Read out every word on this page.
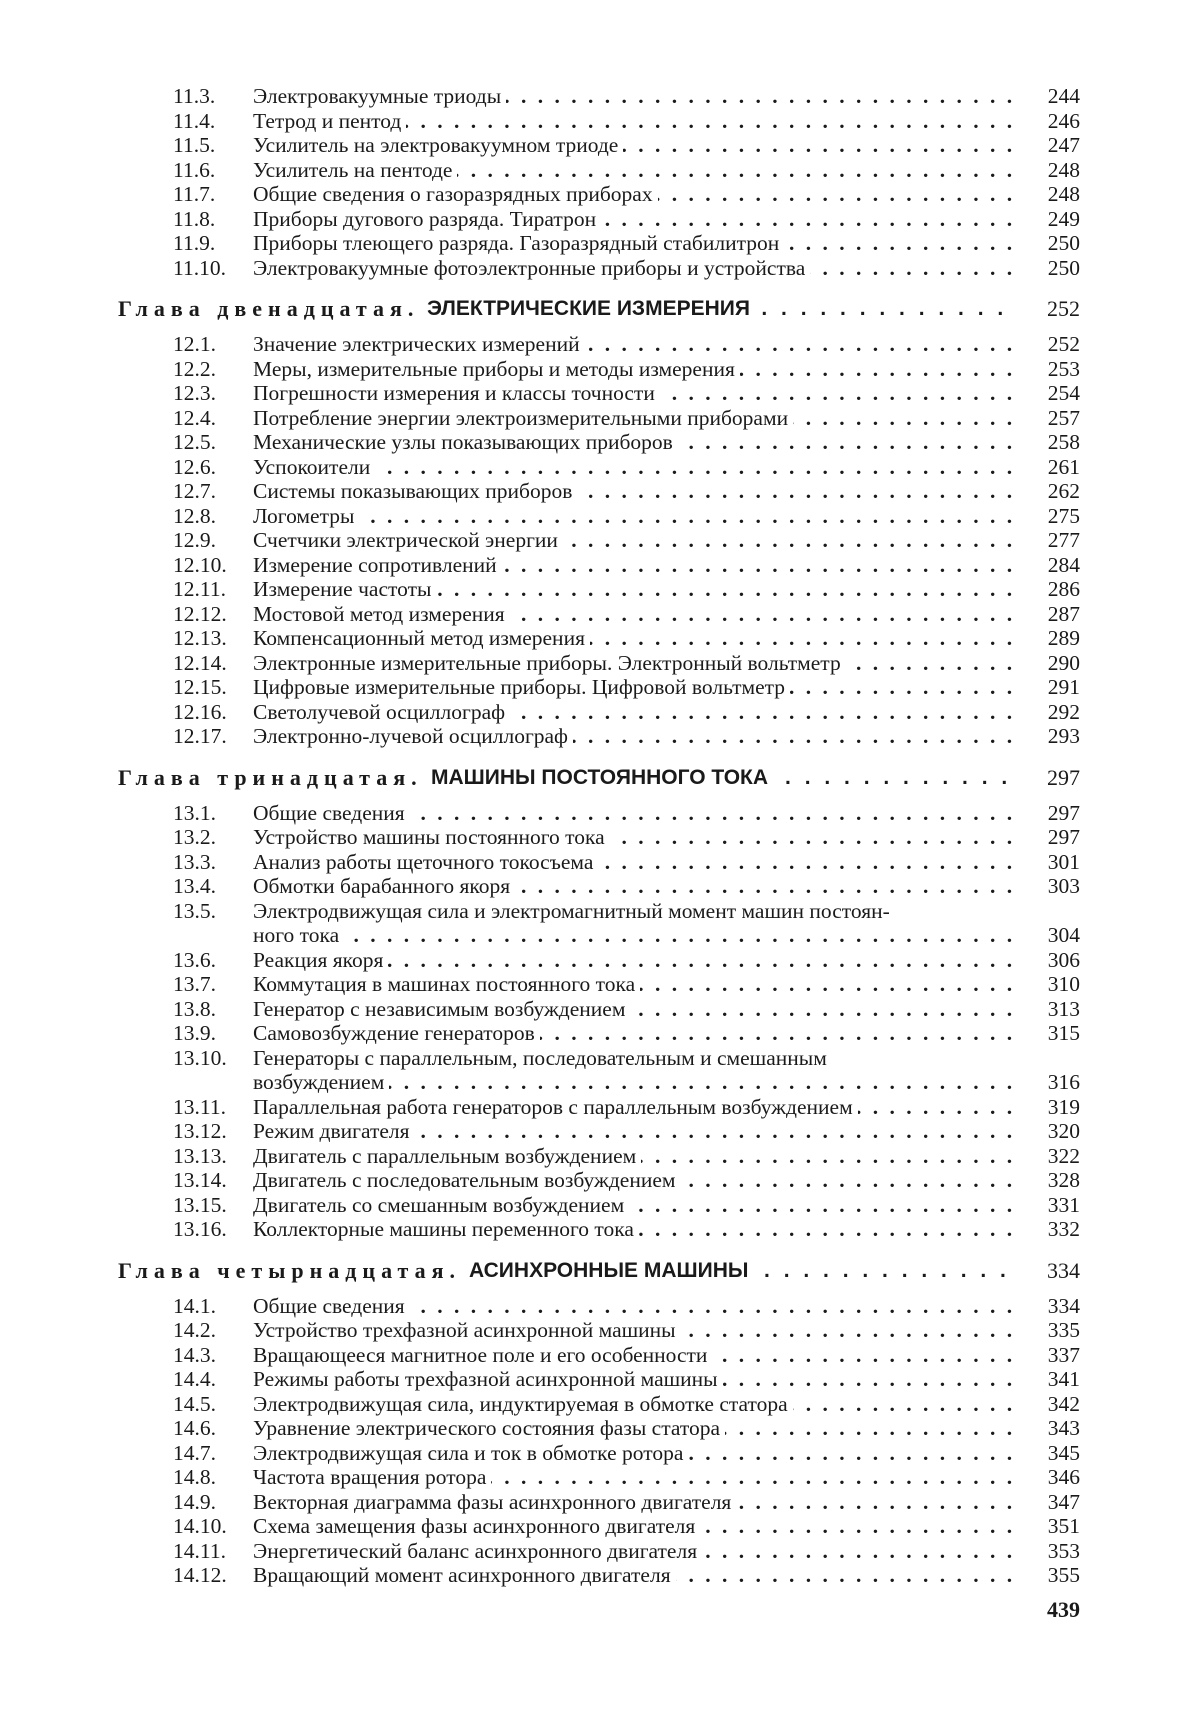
11.3. Электровакуумные триоды . . .	244
11.4. Тетрод и пентод . . .	246
11.5. Усилитель на электровакуумном триоде . . .	247
11.6. Усилитель на пентоде . . .	248
11.7. Общие сведения о газоразрядных приборах . . .	248
11.8. Приборы дугового разряда. Тиратрон . . .	249
11.9. Приборы тлеющего разряда. Газоразрядный стабилитрон . . .	250
11.10. Электровакуумные фотоэлектронные приборы и устройства . . .	250
Глава двенадцатая. ЭЛЕКТРИЧЕСКИЕ ИЗМЕРЕНИЯ . . .	252
12.1. Значение электрических измерений . . .	252
12.2. Меры, измерительные приборы и методы измерения . . .	253
12.3. Погрешности измерения и классы точности . . .	254
12.4. Потребление энергии электроизмерительными приборами . . .	257
12.5. Механические узлы показывающих приборов . . .	258
12.6. Успокоители . . .	261
12.7. Системы показывающих приборов . . .	262
12.8. Логометры . . .	275
12.9. Счетчики электрической энергии . . .	277
12.10. Измерение сопротивлений . . .	284
12.11. Измерение частоты . . .	286
12.12. Мостовой метод измерения . . .	287
12.13. Компенсационный метод измерения . . .	289
12.14. Электронные измерительные приборы. Электронный вольтметр . . .	290
12.15. Цифровые измерительные приборы. Цифровой вольтметр . . .	291
12.16. Светолучевой осциллограф . . .	292
12.17. Электронно-лучевой осциллограф . . .	293
Глава тринадцатая. МАШИНЫ ПОСТОЯННОГО ТОКА . . .	297
13.1. Общие сведения . . .	297
13.2. Устройство машины постоянного тока . . .	297
13.3. Анализ работы щеточного токосъема . . .	301
13.4. Обмотки барабанного якоря . . .	303
13.5. Электродвижущая сила и электромагнитный момент машин постоян-
ного тока . . .	304
13.6. Реакция якоря . . .	306
13.7. Коммутация в машинах постоянного тока . . .	310
13.8. Генератор с независимым возбуждением . . .	313
13.9. Самовозбуждение генераторов . . .	315
13.10. Генераторы с параллельным, последовательным и смешанным
возбуждением . . .	316
13.11. Параллельная работа генераторов с параллельным возбуждением . . .	319
13.12. Режим двигателя . . .	320
13.13. Двигатель с параллельным возбуждением . . .	322
13.14. Двигатель с последовательным возбуждением . . .	328
13.15. Двигатель со смешанным возбуждением . . .	331
13.16. Коллекторные машины переменного тока . . .	332
Глава четырнадцатая. АСИНХРОННЫЕ МАШИНЫ . . .	334
14.1. Общие сведения . . .	334
14.2. Устройство трехфазной асинхронной машины . . .	335
14.3. Вращающееся магнитное поле и его особенности . . .	337
14.4. Режимы работы трехфазной асинхронной машины . . .	341
14.5. Электродвижущая сила, индуктируемая в обмотке статора . . .	342
14.6. Уравнение электрического состояния фазы статора . . .	343
14.7. Электродвижущая сила и ток в обмотке ротора . . .	345
14.8. Частота вращения ротора . . .	346
14.9. Векторная диаграмма фазы асинхронного двигателя . . .	347
14.10. Схема замещения фазы асинхронного двигателя . . .	351
14.11. Энергетический баланс асинхронного двигателя . . .	353
14.12. Вращающий момент асинхронного двигателя . . .	355
439
